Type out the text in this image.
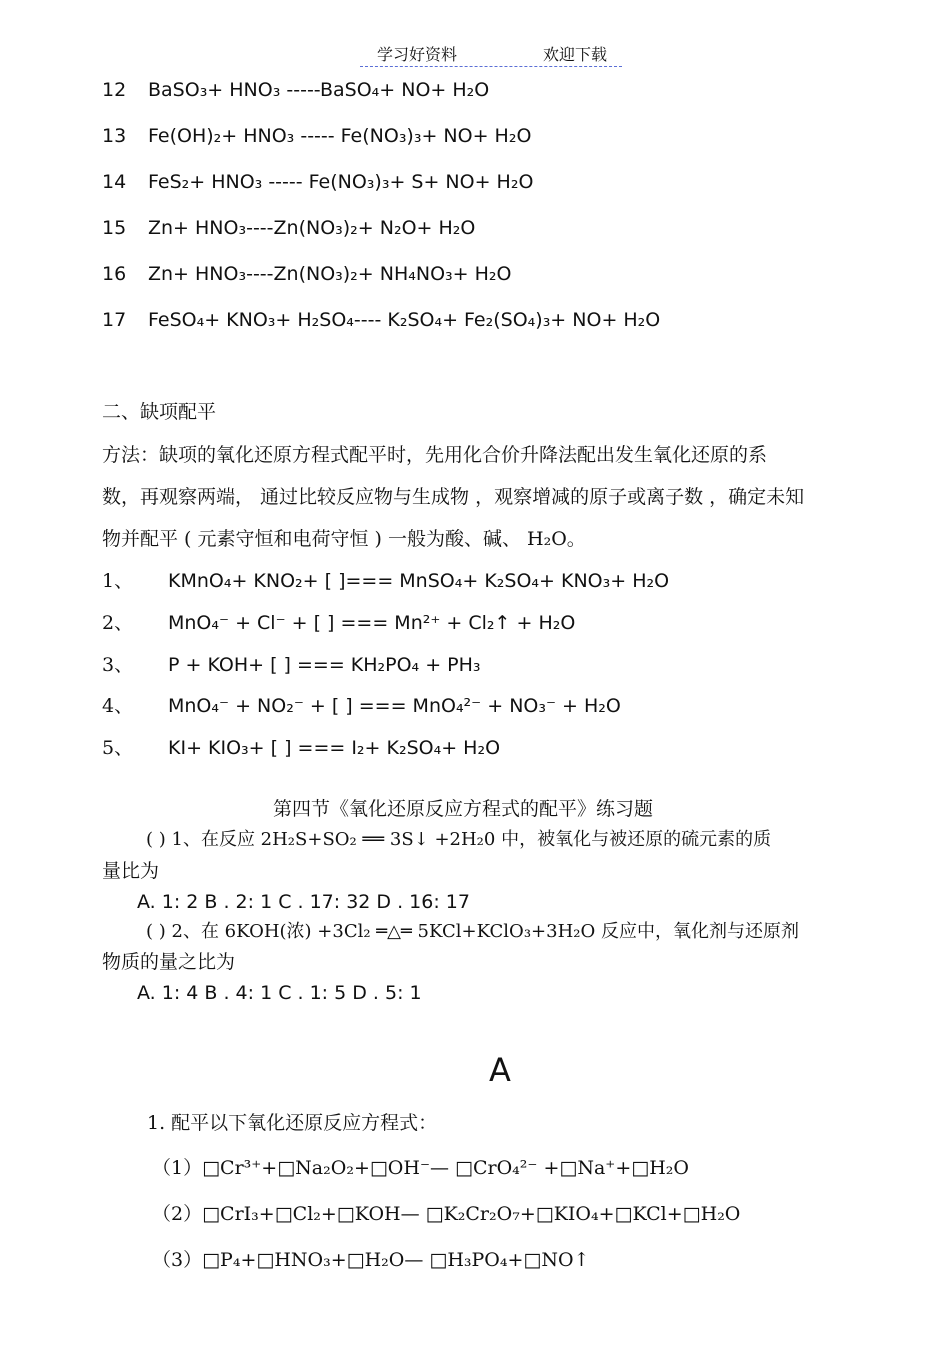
学习好资料	欢迎下载
12 BaSO₃+ HNO₃ -----BaSO₄+ NO+ H₂O
13 Fe(OH)₂+ HNO₃ ----- Fe(NO₃)₃+ NO+ H₂O
14 FeS₂+ HNO₃ ----- Fe(NO₃)₃+ S+ NO+ H₂O
15 Zn+ HNO₃----Zn(NO₃)₂+ N₂O+ H₂O
16 Zn+ HNO₃----Zn(NO₃)₂+ NH₄NO₃+ H₂O
17 FeSO₄+ KNO₃+ H₂SO₄---- K₂SO₄+ Fe₂(SO₄)₃+ NO+ H₂O
二、缺项配平
方法：缺项的氧化还原方程式配平时，先用化合价升降法配出发生氧化还原的系
数，再观察两端， 通过比较反应物与生成物 ，观察增减的原子或离子数 ，确定未知
物并配平 ( 元素守恒和电荷守恒 ) 一般为酸、碱、 H₂O。
1、 KMnO₄+ KNO₂+ [ ]=== MnSO₄+ K₂SO₄+ KNO₃+ H₂O
2、 MnO₄⁻ + Cl⁻ + [ ] === Mn²⁺ + Cl₂↑ + H₂O
3、 P + KOH+ [ ] === KH₂PO₄ + PH₃
4、 MnO₄⁻ + NO₂⁻ + [ ] === MnO₄²⁻ + NO₃⁻ + H₂O
5、 KI+ KIO₃+ [ ] === I₂+ K₂SO₄+ H₂O
第四节《氧化还原反应方程式的配平》练习题
( ) 1、在反应 2H₂S+SO₂ ══ 3S↓ +2H₂0 中，被氧化与被还原的硫元素的质
量比为
A. 1: 2 B . 2: 1 C . 17: 32 D . 16: 17
( ) 2、在 6KOH(浓) +3Cl₂ ═△═ 5KCl+KClO₃+3H₂O 反应中，氧化剂与还原剂
物质的量之比为
A. 1: 4 B . 4: 1 C . 1: 5 D . 5: 1
A
1. 配平以下氧化还原反应方程式：
（1）□Cr³⁺+□Na₂O₂+□OH⁻— □CrO₄²⁻ +□Na⁺+□H₂O
（2）□CrI₃+□Cl₂+□KOH— □K₂Cr₂O₇+□KIO₄+□KCl+□H₂O
（3）□P₄+□HNO₃+□H₂O— □H₃PO₄+□NO↑
